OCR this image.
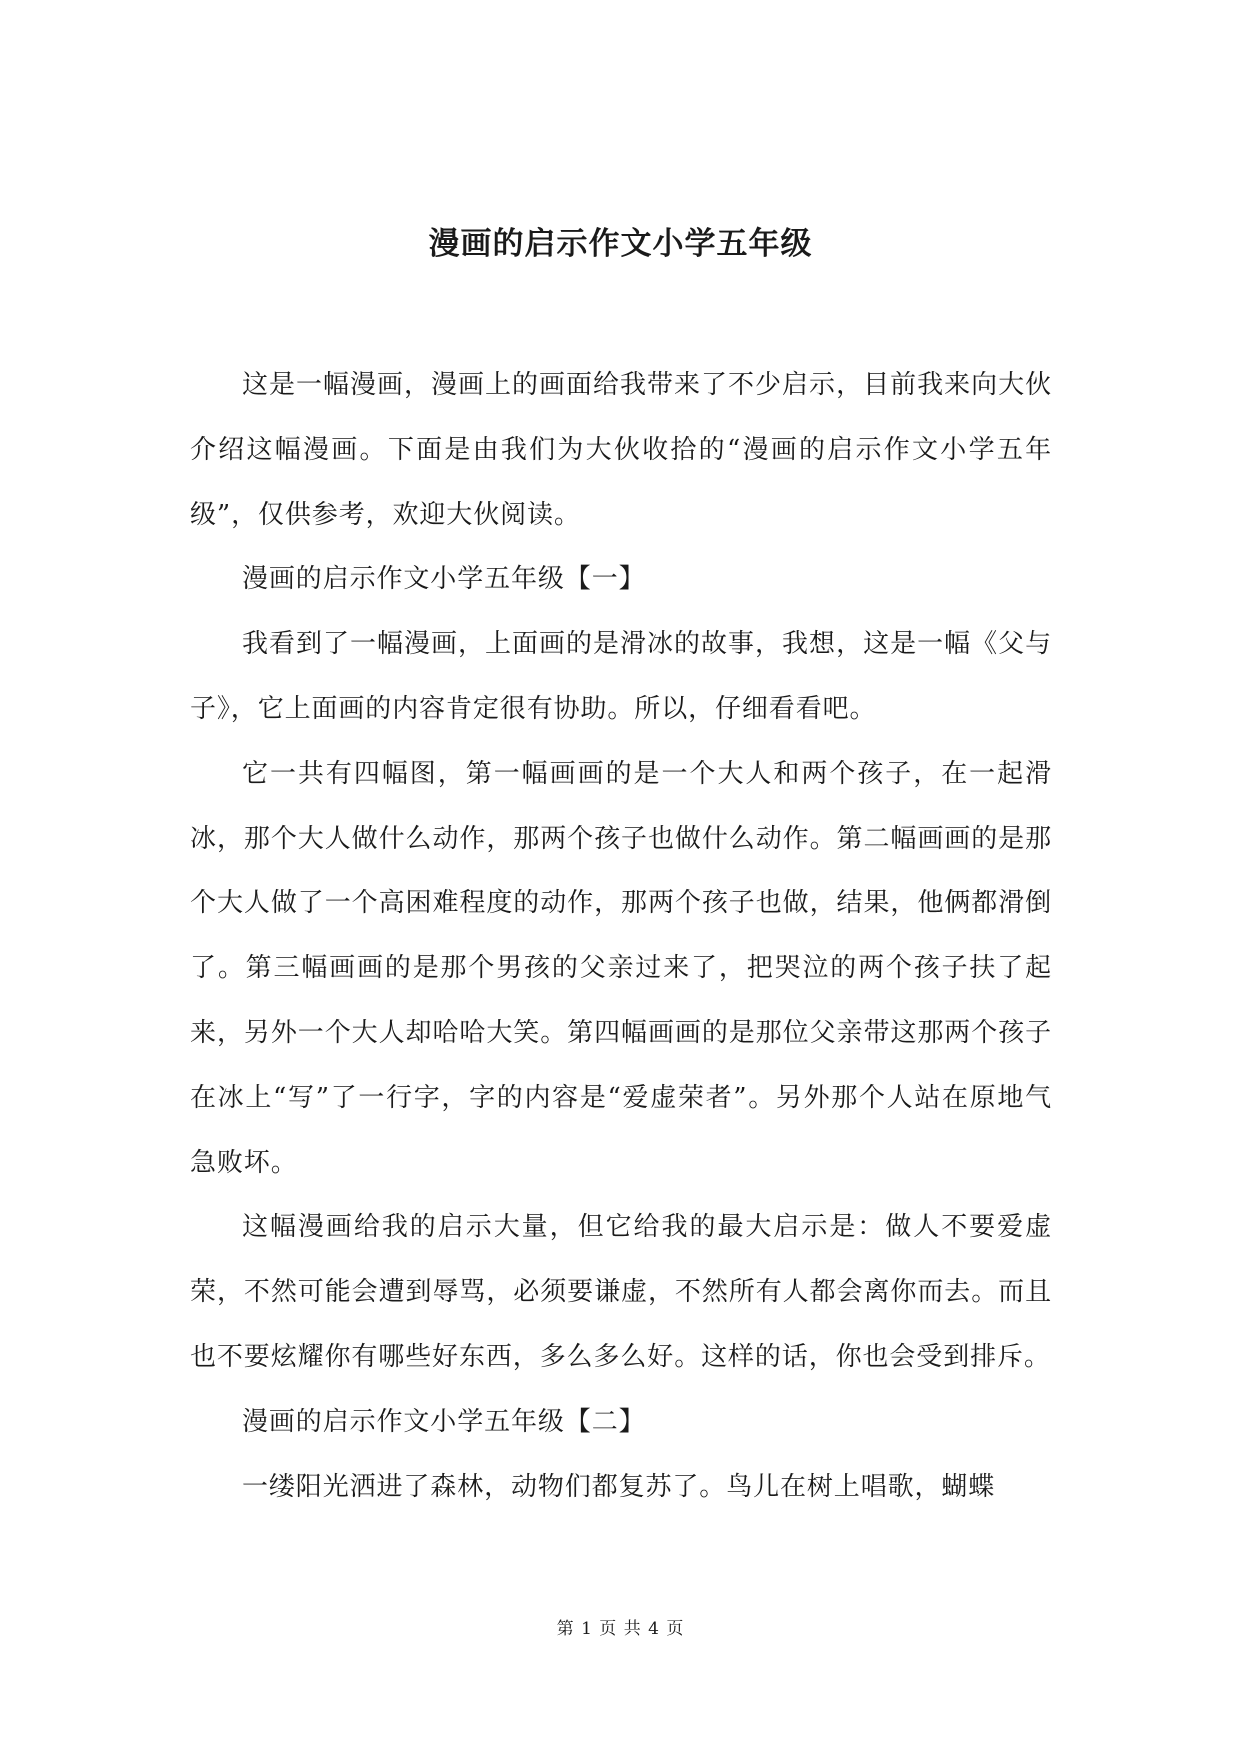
漫画的启示作文小学五年级

这是一幅漫画，漫画上的画面给我带来了不少启示，目前我来向大伙介绍这幅漫画。下面是由我们为大伙收拾的“漫画的启示作文小学五年级”，仅供参考，欢迎大伙阅读。

漫画的启示作文小学五年级【一】

我看到了一幅漫画，上面画的是滑冰的故事，我想，这是一幅《父与子》，它上面画的内容肯定很有协助。所以，仔细看看吧。

它一共有四幅图，第一幅画画的是一个大人和两个孩子，在一起滑冰，那个大人做什么动作，那两个孩子也做什么动作。第二幅画画的是那个大人做了一个高困难程度的动作，那两个孩子也做，结果，他俩都滑倒了。第三幅画画的是那个男孩的父亲过来了，把哭泣的两个孩子扶了起来，另外一个大人却哈哈大笑。第四幅画画的是那位父亲带这那两个孩子在冰上“写”了一行字，字的内容是“爱虚荣者”。另外那个人站在原地气急败坏。

这幅漫画给我的启示大量，但它给我的最大启示是：做人不要爱虚荣，不然可能会遭到辱骂，必须要谦虚，不然所有人都会离你而去。而且也不要炫耀你有哪些好东西，多么多么好。这样的话，你也会受到排斥。

漫画的启示作文小学五年级【二】

一缕阳光洒进了森林，动物们都复苏了。鸟儿在树上唱歌，蝴蝶

第 1 页 共 4 页
